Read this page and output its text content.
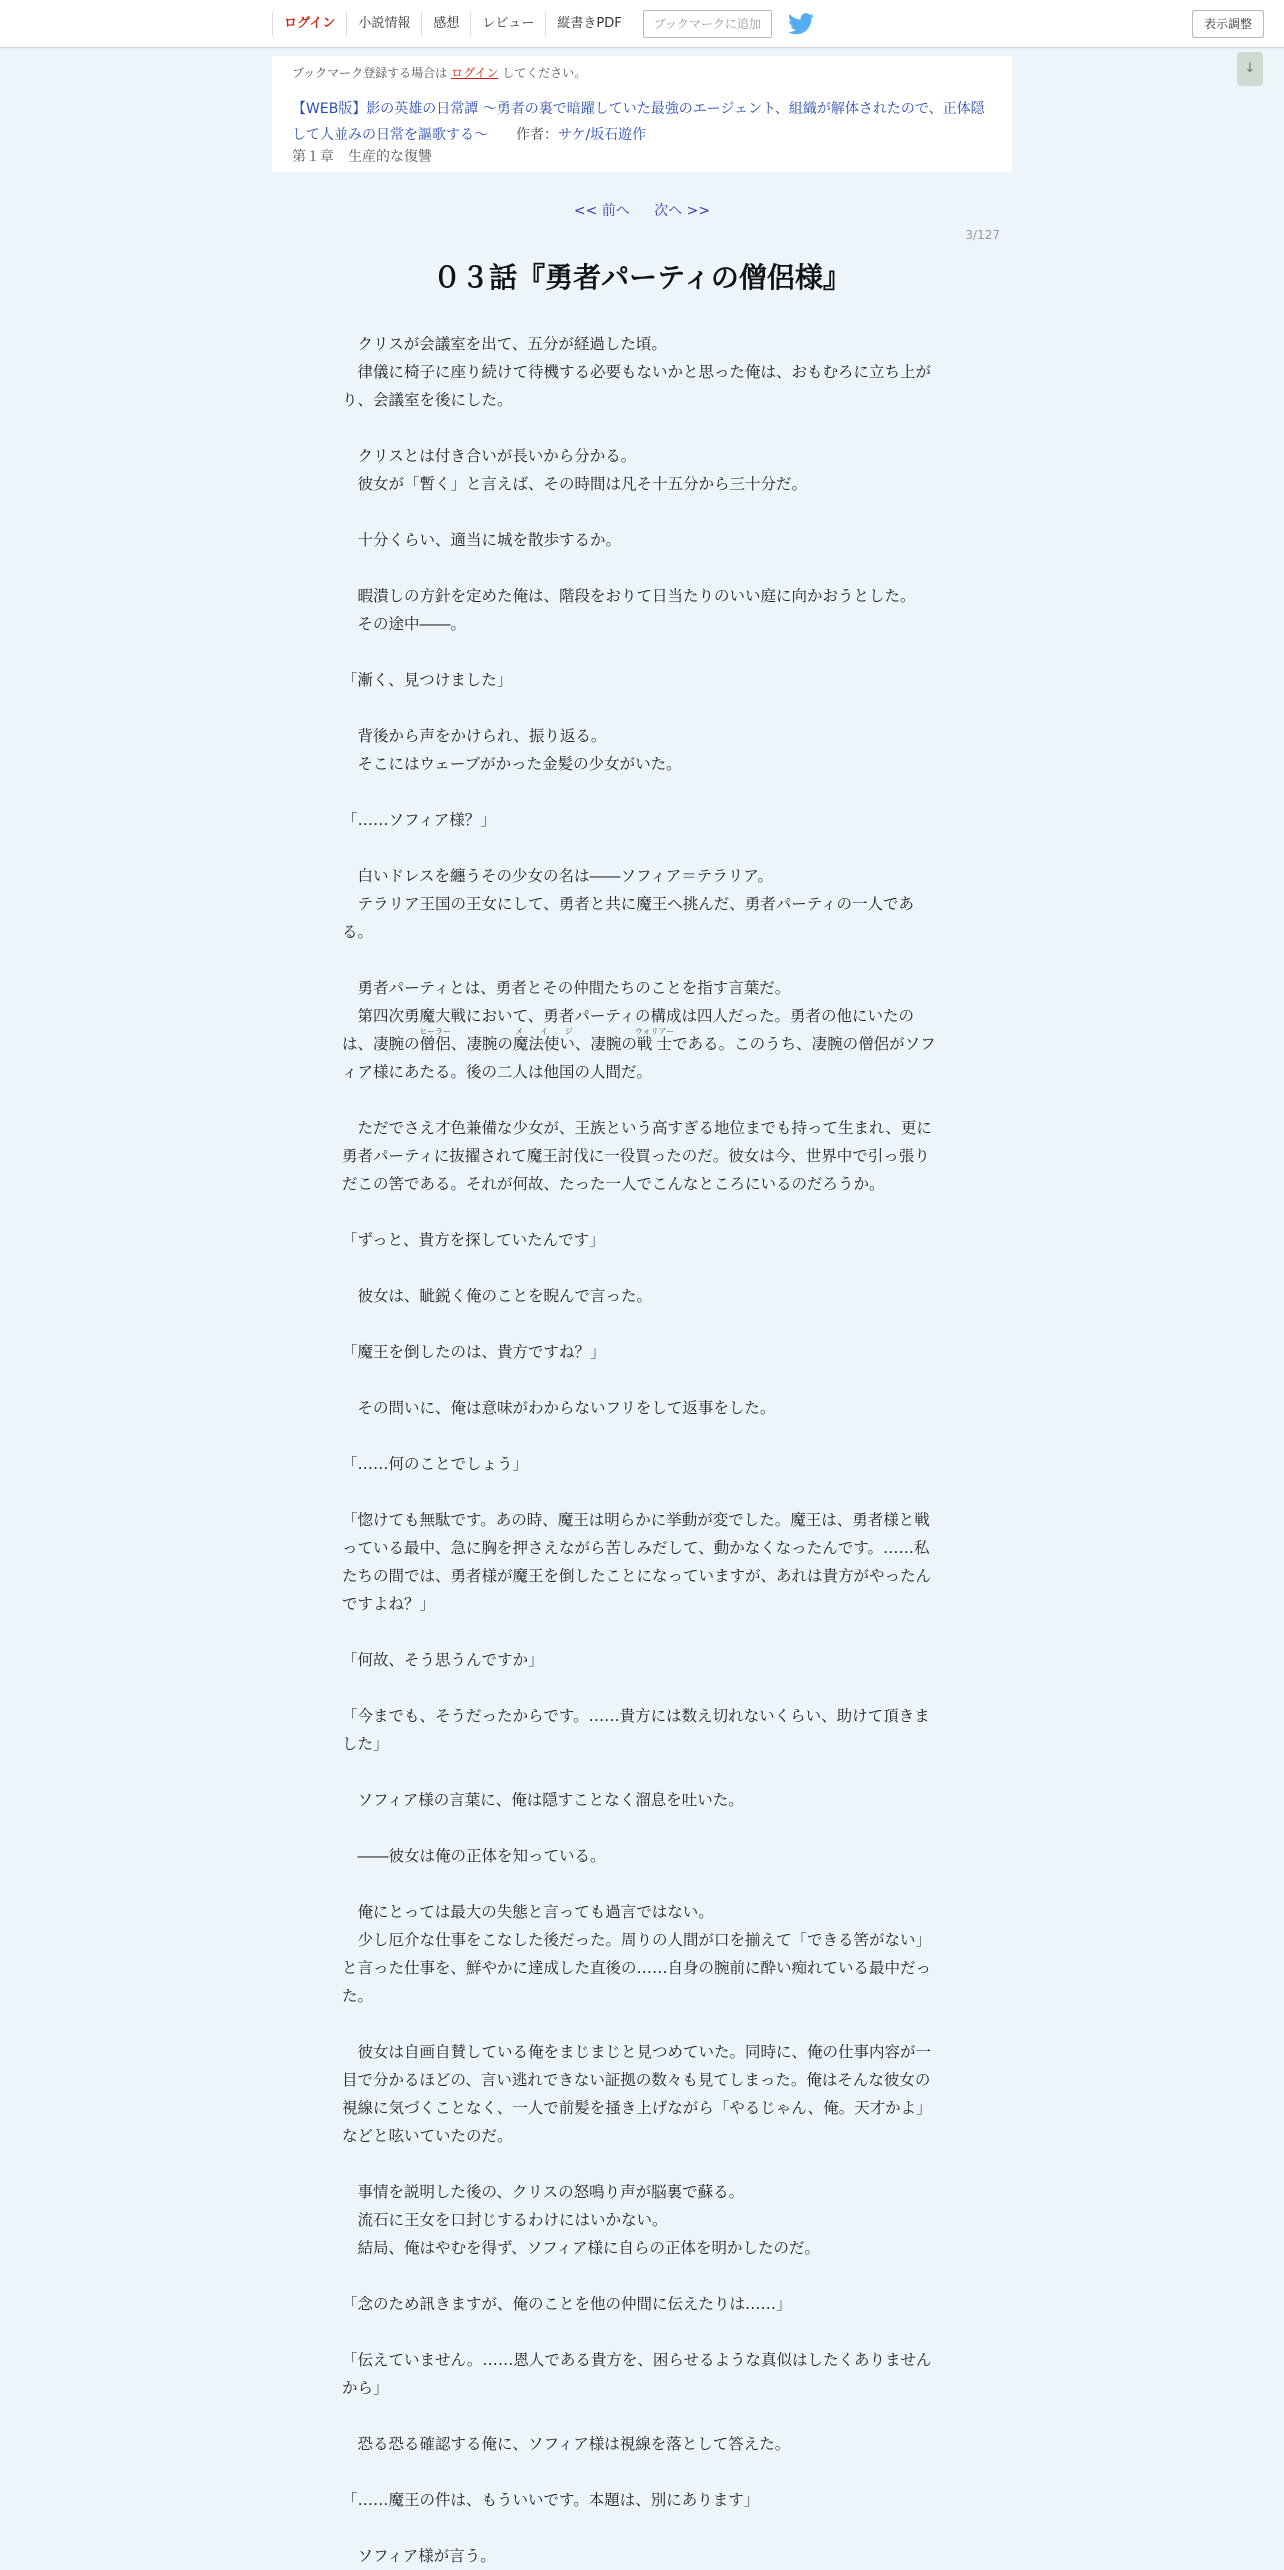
ログイン	小説情報	感想	レビュー	縦書きPDF	ブックマークに追加	表示調整
↓
ブックマーク登録する場合は ログイン してください。
【WEB版】影の英雄の日常譚 ～勇者の裏で暗躍していた最強のエージェント、組織が解体されたので、正体隠して人並みの日常を謳歌する～ 作者：サケ/坂石遊作
第１章　生産的な復讐
<< 前へ 次へ >>
3/127
０３話『勇者パーティの僧侶様』

　クリスが会議室を出て、五分が経過した頃。

　律儀に椅子に座り続けて待機する必要もないかと思った俺は、おもむろに立ち上がり、会議室を後にした。

　クリスとは付き合いが長いから分かる。

　彼女が「暫く」と言えば、その時間は凡そ十五分から三十分だ。

　十分くらい、適当に城を散歩するか。

　暇潰しの方針を定めた俺は、階段をおりて日当たりのいい庭に向かおうとした。

　その途中――。

「漸く、見つけました」

　背後から声をかけられ、振り返る。

　そこにはウェーブがかった金髪の少女がいた。

「……ソフィア様？」

　白いドレスを纏うその少女の名は――ソフィア＝テラリア。

　テラリア王国の王女にして、勇者と共に魔王へ挑んだ、勇者パーティの一人である。

　勇者パーティとは、勇者とその仲間たちのことを指す言葉だ。

　第四次勇魔大戦において、勇者パーティの構成は四人だった。勇者の他にいたのは、凄腕の僧侶ヒーラー、凄腕の魔法使いメ　イ　ジ、凄腕の戦士ウォリアーである。このうち、凄腕の僧侶がソフィア様にあたる。後の二人は他国の人間だ。

　ただでさえ才色兼備な少女が、王族という高すぎる地位までも持って生まれ、更に勇者パーティに抜擢されて魔王討伐に一役買ったのだ。彼女は今、世界中で引っ張りだこの筈である。それが何故、たった一人でこんなところにいるのだろうか。

「ずっと、貴方を探していたんです」

　彼女は、眦鋭く俺のことを睨んで言った。

「魔王を倒したのは、貴方ですね？」

　その問いに、俺は意味がわからないフリをして返事をした。

「……何のことでしょう」

「惚けても無駄です。あの時、魔王は明らかに挙動が変でした。魔王は、勇者様と戦っている最中、急に胸を押さえながら苦しみだして、動かなくなったんです。……私たちの間では、勇者様が魔王を倒したことになっていますが、あれは貴方がやったんですよね？」

「何故、そう思うんですか」

「今までも、そうだったからです。……貴方には数え切れないくらい、助けて頂きました」

　ソフィア様の言葉に、俺は隠すことなく溜息を吐いた。

　――彼女は俺の正体を知っている。

　俺にとっては最大の失態と言っても過言ではない。

　少し厄介な仕事をこなした後だった。周りの人間が口を揃えて「できる筈がない」と言った仕事を、鮮やかに達成した直後の……自身の腕前に酔い痴れている最中だった。

　彼女は自画自賛している俺をまじまじと見つめていた。同時に、俺の仕事内容が一目で分かるほどの、言い逃れできない証拠の数々も見てしまった。俺はそんな彼女の視線に気づくことなく、一人で前髪を掻き上げながら「やるじゃん、俺。天才かよ」などと呟いていたのだ。

　事情を説明した後の、クリスの怒鳴り声が脳裏で蘇る。

　流石に王女を口封じするわけにはいかない。

　結局、俺はやむを得ず、ソフィア様に自らの正体を明かしたのだ。

「念のため訊きますが、俺のことを他の仲間に伝えたりは……」

「伝えていません。……恩人である貴方を、困らせるような真似はしたくありませんから」

　恐る恐る確認する俺に、ソフィア様は視線を落として答えた。

「……魔王の件は、もういいです。本題は、別にあります」

　ソフィア様が言う。
